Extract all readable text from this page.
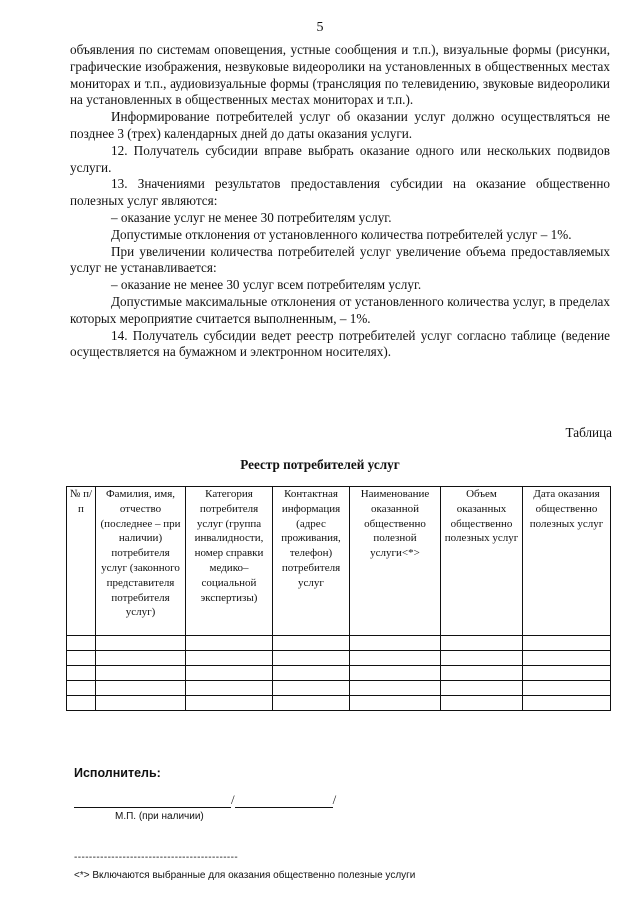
5

объявления по системам оповещения, устные сообщения и т.п.), визуальные формы (рисунки, графические изображения, незвуковые видеоролики на установленных в общественных местах мониторах и т.п., аудиовизуальные формы (трансляция по телевидению, звуковые видеоролики на установленных в общественных местах мониторах и т.п.).

Информирование потребителей услуг об оказании услуг должно осуществляться не позднее 3 (трех) календарных дней до даты оказания услуги.

12. Получатель субсидии вправе выбрать оказание одного или нескольких подвидов услуги.

13. Значениями результатов предоставления субсидии на оказание общественно полезных услуг являются:

– оказание услуг не менее 30 потребителям услуг.

Допустимые отклонения от установленного количества потребителей услуг – 1%.

При увеличении количества потребителей услуг увеличение объема предоставляемых услуг не устанавливается:

– оказание не менее 30 услуг всем потребителям услуг.

Допустимые максимальные отклонения от установленного количества услуг, в пределах которых мероприятие считается выполненным, – 1%.

14. Получатель субсидии ведет реестр потребителей услуг согласно таблице (ведение осуществляется на бумажном и электронном носителях).

Таблица
Реестр потребителей услуг
№ п/п	Фамилия, имя, отчество (последнее – при наличии) потребителя услуг (законного представителя потребителя услуг)	Категория потребителя услуг (группа инвалидности, номер справки медико–социальной экспертизы)	Контактная информация (адрес проживания, телефон) потребителя услуг	Наименование оказанной общественно полезной услуги<*>	Объем оказанных общественно полезных услуг	Дата оказания общественно полезных услуг

Исполнитель:
/	/
М.П. (при наличии)
--------------------------------------------
<*> Включаются выбранные для оказания общественно полезные услуги
